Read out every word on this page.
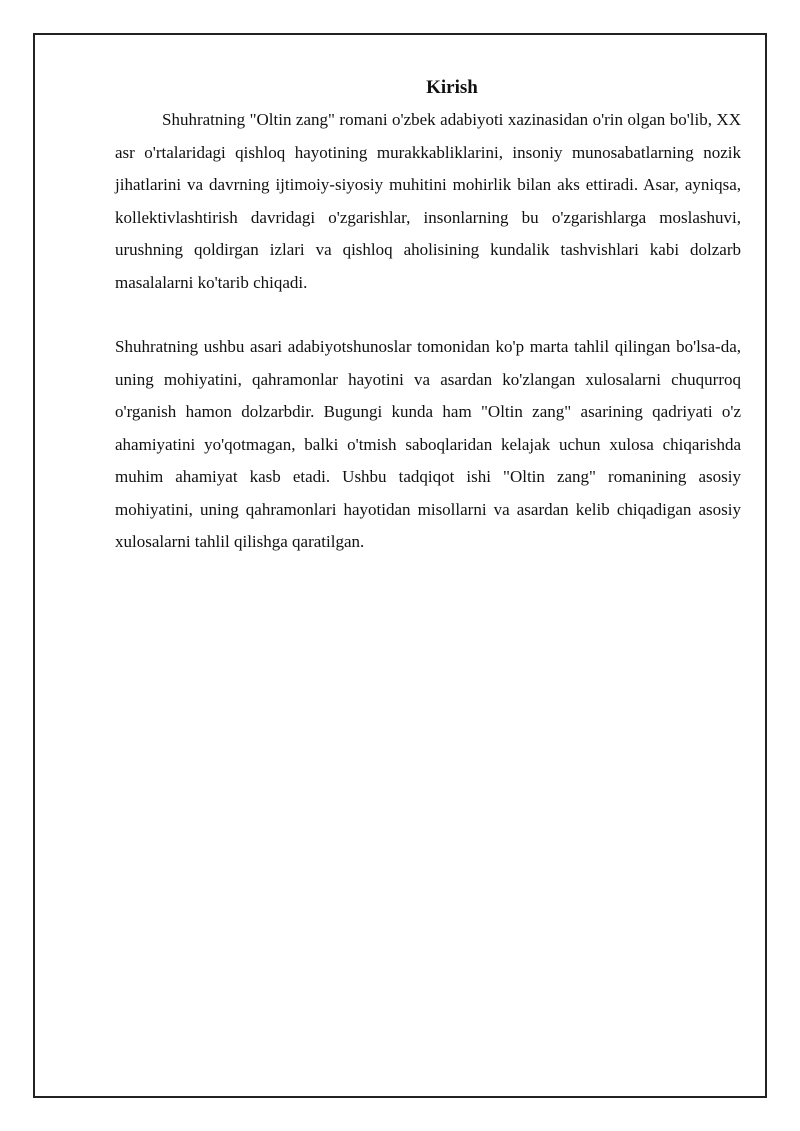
Kirish

Shuhratning "Oltin zang" romani o'zbek adabiyoti xazinasidan o'rin olgan bo'lib, XX asr o'rtalaridagi qishloq hayotining murakkabliklarini, insoniy munosabatlarning nozik jihatlarini va davrning ijtimoiy-siyosiy muhitini mohirlik bilan aks ettiradi. Asar, ayniqsa, kollektivlashtirish davridagi o'zgarishlar, insonlarning bu o'zgarishlarga moslashuvi, urushning qoldirgan izlari va qishloq aholisining kundalik tashvishlari kabi dolzarb masalalarni ko'tarib chiqadi.

Shuhratning ushbu asari adabiyotshunoslar tomonidan ko'p marta tahlil qilingan bo'lsa-da, uning mohiyatini, qahramonlar hayotini va asardan ko'zlangan xulosalarni chuqurroq o'rganish hamon dolzarbdir. Bugungi kunda ham "Oltin zang" asarining qadriyati o'z ahamiyatini yo'qotmagan, balki o'tmish saboqlaridan kelajak uchun xulosa chiqarishda muhim ahamiyat kasb etadi. Ushbu tadqiqot ishi "Oltin zang" romanining asosiy mohiyatini, uning qahramonlari hayotidan misollarni va asardan kelib chiqadigan asosiy xulosalarni tahlil qilishga qaratilgan.
